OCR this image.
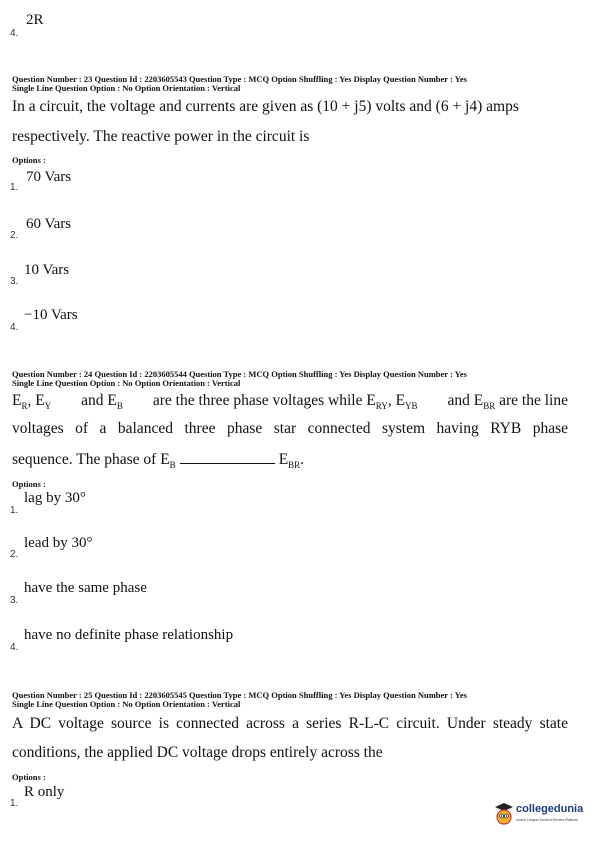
4.
2R
Question Number : 23 Question Id : 2203605543 Question Type : MCQ Option Shuffling : Yes Display Question Number : Yes
Single Line Question Option : No Option Orientation : Vertical
In a circuit, the voltage and currents are given as (10 + j5) volts and (6 + j4) amps
respectively. The reactive power in the circuit is
Options :
1.
70 Vars
2.
60 Vars
3.
10 Vars
4.
−10 Vars
Question Number : 24 Question Id : 2203605544 Question Type : MCQ Option Shuffling : Yes Display Question Number : Yes
Single Line Question Option : No Option Orientation : Vertical
$E_R$, $E_Y$ and $E_B$ are the three phase voltages while $E_{RY}$, $E_{YB}$ and $E_{BR}$ are the line
voltages of a balanced three phase star connected system having RYB phase
sequence. The phase of $E_B$	$E_{BR}$.
Options :
1.
lag by 30°
2.
lead by 30°
3.
have the same phase
4.
have no definite phase relationship
Question Number : 25 Question Id : 2203605545 Question Type : MCQ Option Shuffling : Yes Display Question Number : Yes
Single Line Question Option : No Option Orientation : Vertical
A DC voltage source is connected across a series R-L-C circuit. Under steady state
conditions, the applied DC voltage drops entirely across the
Options :
1.
R only
collegedunia
India's Largest Student Review Platform
